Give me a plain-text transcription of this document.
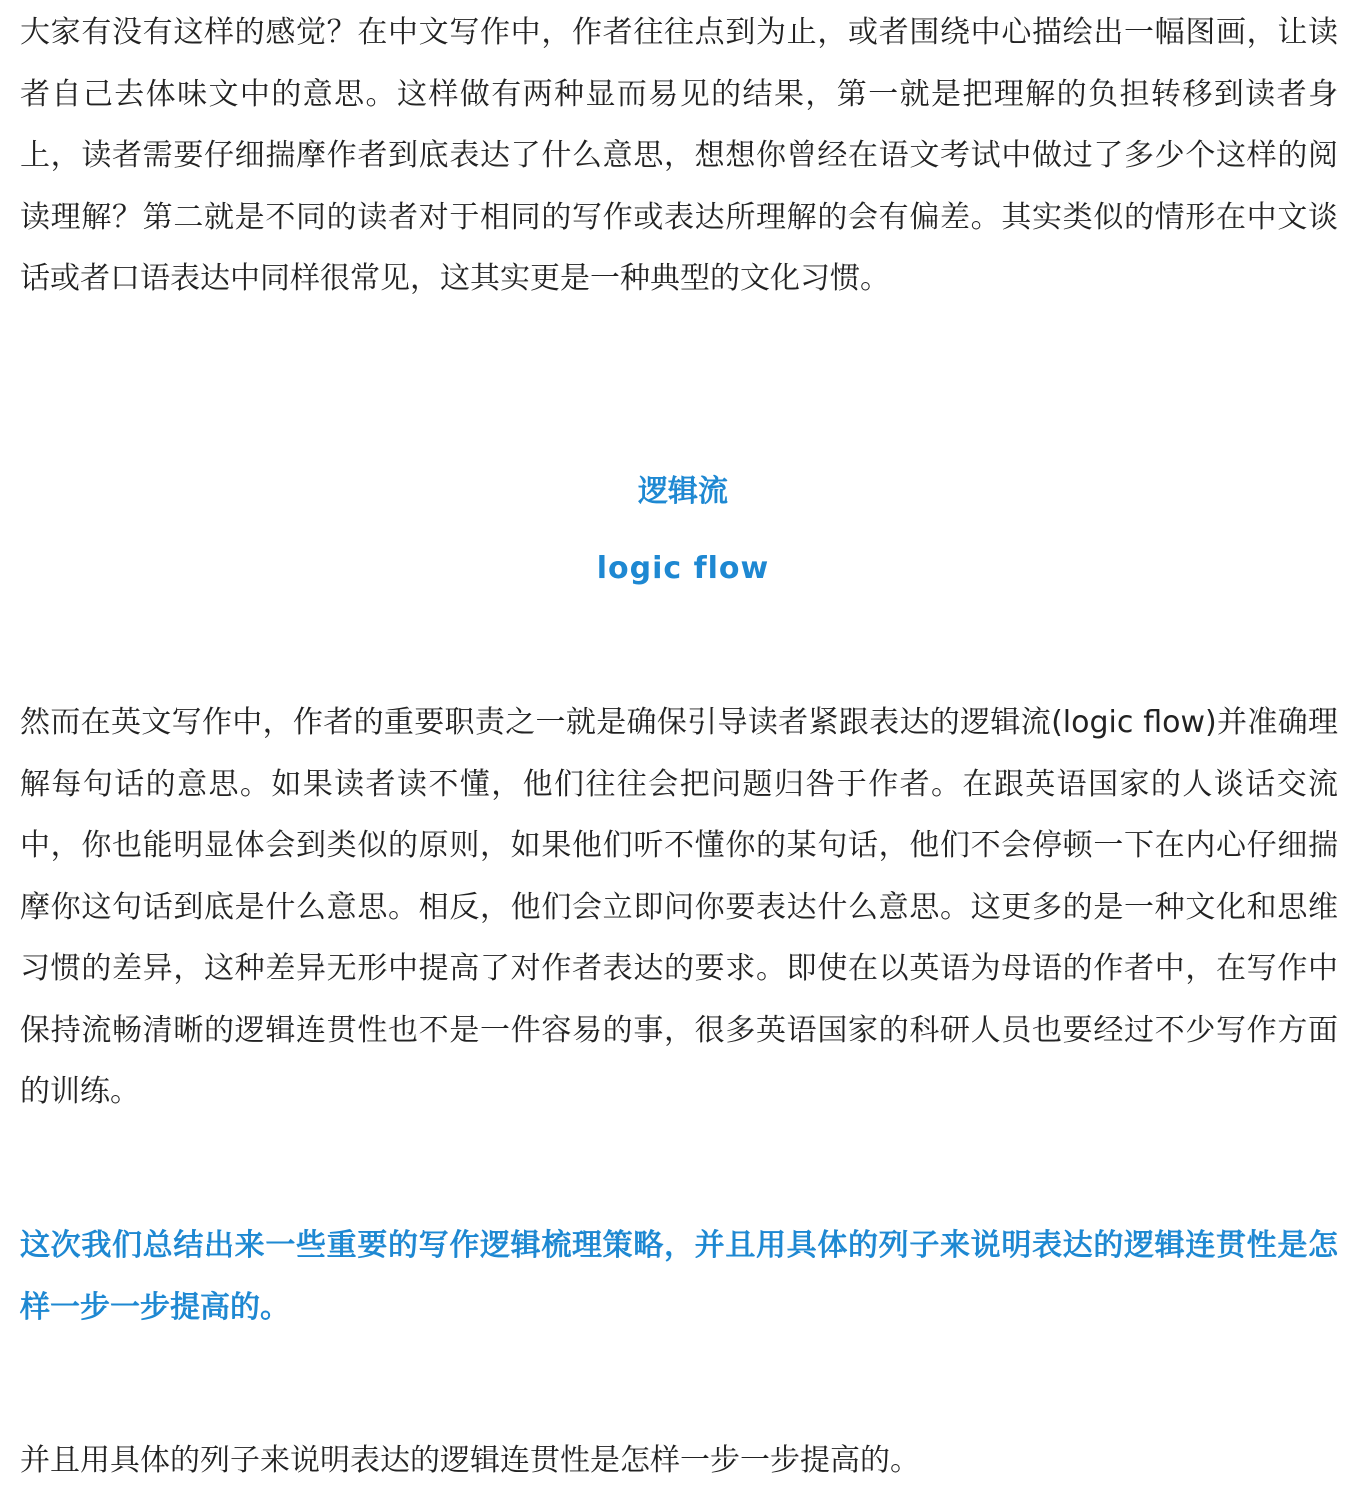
大家有没有这样的感觉？在中文写作中，作者往往点到为止，或者围绕中心描绘出一幅图画，让读者自己去体味文中的意思。这样做有两种显而易见的结果，第一就是把理解的负担转移到读者身上，读者需要仔细揣摩作者到底表达了什么意思，想想你曾经在语文考试中做过了多少个这样的阅读理解？第二就是不同的读者对于相同的写作或表达所理解的会有偏差。其实类似的情形在中文谈话或者口语表达中同样很常见，这其实更是一种典型的文化习惯。

逻辑流
logic flow

然而在英文写作中，作者的重要职责之一就是确保引导读者紧跟表达的逻辑流(logic flow)并准确理解每句话的意思。如果读者读不懂，他们往往会把问题归咎于作者。在跟英语国家的人谈话交流中，你也能明显体会到类似的原则，如果他们听不懂你的某句话，他们不会停顿一下在内心仔细揣摩你这句话到底是什么意思。相反，他们会立即问你要表达什么意思。这更多的是一种文化和思维习惯的差异，这种差异无形中提高了对作者表达的要求。即使在以英语为母语的作者中，在写作中保持流畅清晰的逻辑连贯性也不是一件容易的事，很多英语国家的科研人员也要经过不少写作方面的训练。

这次我们总结出来一些重要的写作逻辑梳理策略，并且用具体的列子来说明表达的逻辑连贯性是怎样一步一步提高的。

并且用具体的列子来说明表达的逻辑连贯性是怎样一步一步提高的。
